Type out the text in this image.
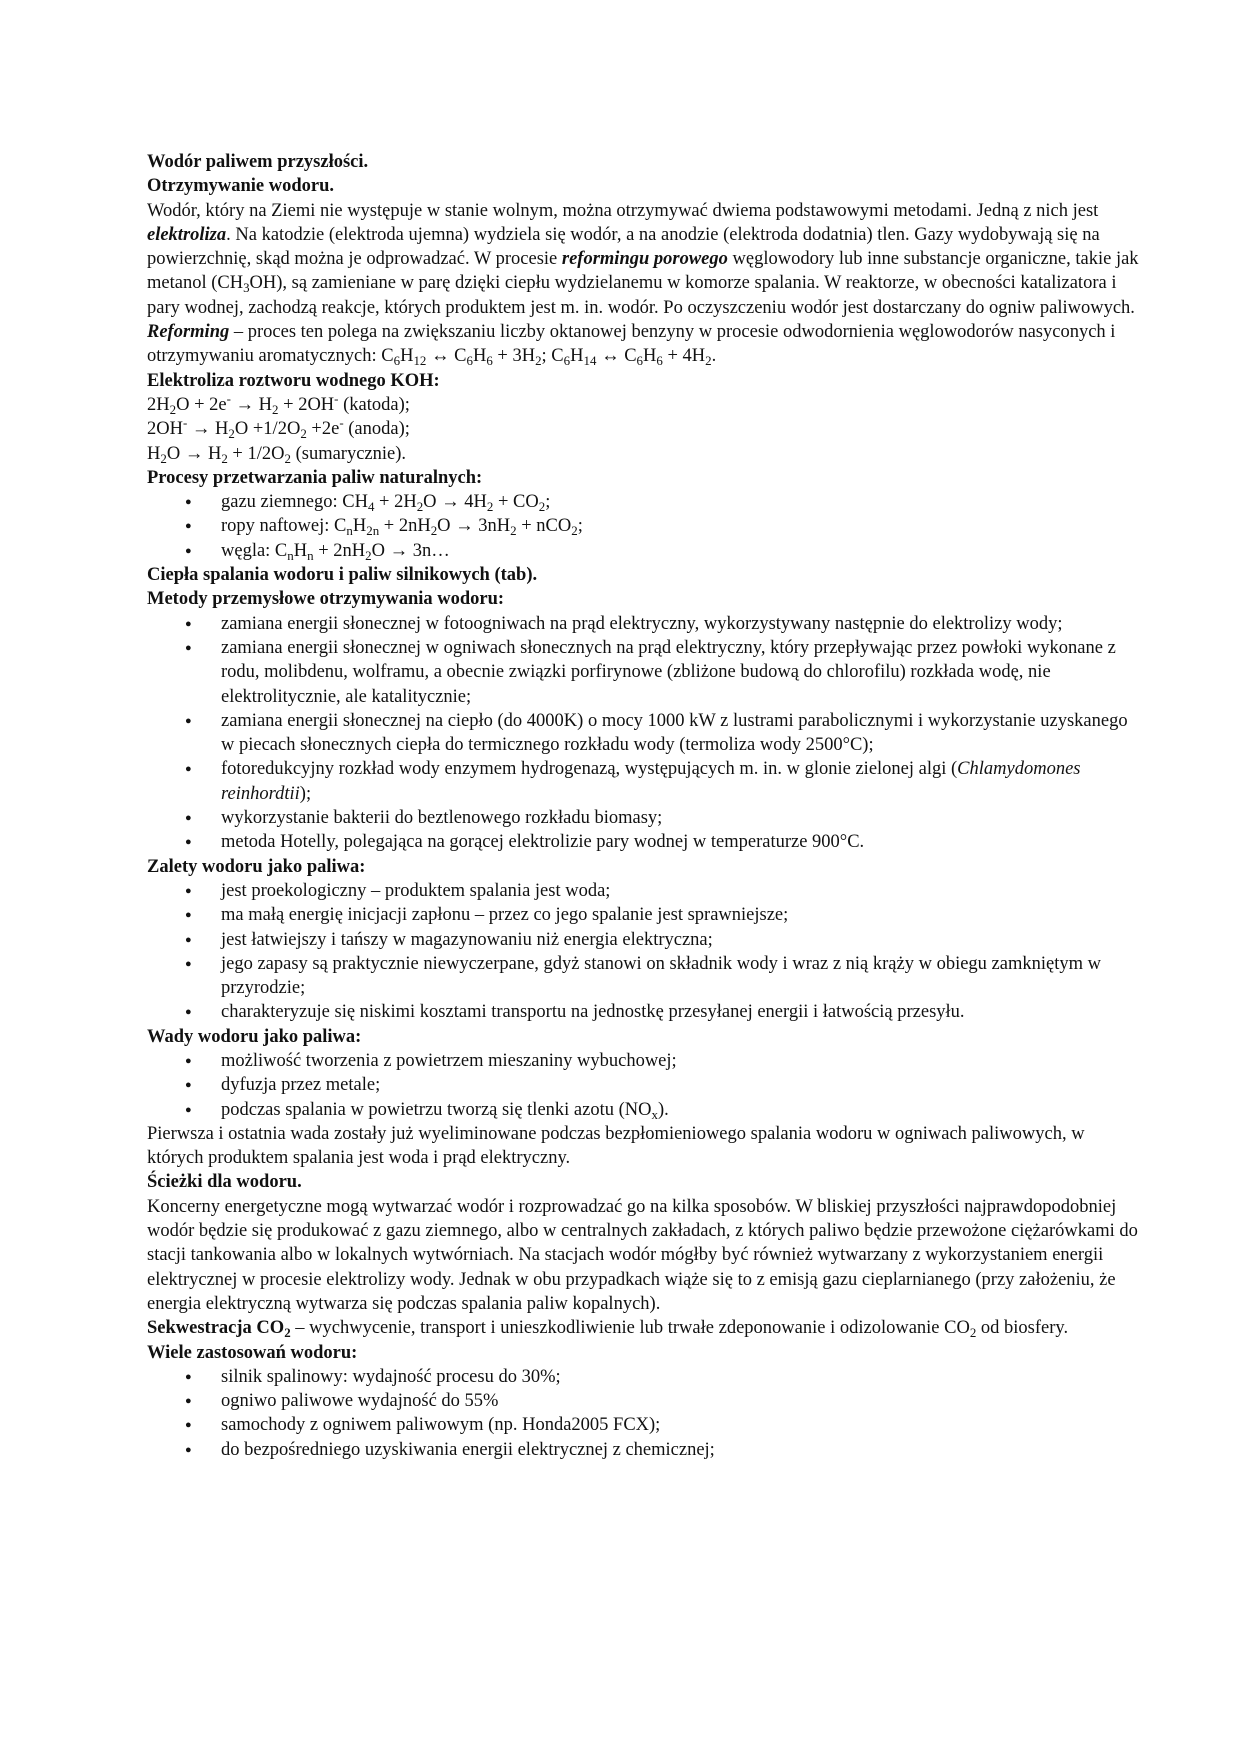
Wodór paliwem przyszłości.

Otrzymywanie wodoru.

Wodór, który na Ziemi nie występuje w stanie wolnym, można otrzymywać dwiema podstawowymi metodami. Jedną z nich jest elektroliza. Na katodzie (elektroda ujemna) wydziela się wodór, a na anodzie (elektroda dodatnia) tlen. Gazy wydobywają się na powierzchnię, skąd można je odprowadzać. W procesie reformingu porowego węglowodory lub inne substancje organiczne, takie jak metanol $(CH_3OH)$, są zamieniane w parę dzięki ciepłu wydzielanemu w komorze spalania. W reaktorze, w obecności katalizatora i pary wodnej, zachodzą reakcje, których produktem jest m. in. wodór. Po oczyszczeniu wodór jest dostarczany do ogniw paliwowych.

Reforming – proces ten polega na zwiększaniu liczby oktanowej benzyny w procesie odwodornienia węglowodorów nasyconych i otrzymywaniu aromatycznych: $C_6H_{12}$ ↔ $C_6H_6 + 3H_2$; $C_6H_{14}$ ↔ $C_6H_6 + 4H_2$.

Elektroliza roztworu wodnego KOH:

$2H_2O + 2e^- \to H_2 + 2OH^-$ (katoda);

$2OH^- \to H_2O +1/2O_2 +2e^-$ (anoda);

$H_2O \to H_2 + 1/2O_2$ (sumarycznie).

Procesy przetwarzania paliw naturalnych:

● gazu ziemnego: $CH_4 + 2H_2O \to 4H_2 + CO_2$;
● ropy naftowej: $C_nH_{2n} + 2nH_2O \to 3nH_2 + nCO_2$;
● węgla: $C_nH_n + 2nH_2O$ → 3n…

Ciepła spalania wodoru i paliw silnikowych (tab).

Metody przemysłowe otrzymywania wodoru:

● zamiana energii słonecznej w fotoogniwach na prąd elektryczny, wykorzystywany następnie do elektrolizy wody;
● zamiana energii słonecznej w ogniwach słonecznych na prąd elektryczny, który przepływając przez powłoki wykonane z rodu, molibdenu, wolframu, a obecnie związki porfirynowe (zbliżone budową do chlorofilu) rozkłada wodę, nie elektrolitycznie, ale katalitycznie;
● zamiana energii słonecznej na ciepło (do 4000K) o mocy 1000 kW z lustrami parabolicznymi i wykorzystanie uzyskanego w piecach słonecznych ciepła do termicznego rozkładu wody (termoliza wody 2500°C);
● fotoredukcyjny rozkład wody enzymem hydrogenazą, występujących m. in. w glonie zielonej algi (Chlamydomones reinhordtii);
● wykorzystanie bakterii do beztlenowego rozkładu biomasy;
● metoda Hotelly, polegająca na gorącej elektrolizie pary wodnej w temperaturze 900°C.

Zalety wodoru jako paliwa:

● jest proekologiczny – produktem spalania jest woda;
● ma małą energię inicjacji zapłonu – przez co jego spalanie jest sprawniejsze;
● jest łatwiejszy i tańszy w magazynowaniu niż energia elektryczna;
● jego zapasy są praktycznie niewyczerpane, gdyż stanowi on składnik wody i wraz z nią krąży w obiegu zamkniętym w przyrodzie;
● charakteryzuje się niskimi kosztami transportu na jednostkę przesyłanej energii i łatwością przesyłu.

Wady wodoru jako paliwa:

● możliwość tworzenia z powietrzem mieszaniny wybuchowej;
● dyfuzja przez metale;
● podczas spalania w powietrzu tworzą się tlenki azotu $(NO_x)$.

Pierwsza i ostatnia wada zostały już wyeliminowane podczas bezpłomieniowego spalania wodoru w ogniwach paliwowych, w których produktem spalania jest woda i prąd elektryczny.

Ścieżki dla wodoru.

Koncerny energetyczne mogą wytwarzać wodór i rozprowadzać go na kilka sposobów. W bliskiej przyszłości najprawdopodobniej wodór będzie się produkować z gazu ziemnego, albo w centralnych zakładach, z których paliwo będzie przewożone ciężarówkami do stacji tankowania albo w lokalnych wytwórniach. Na stacjach wodór mógłby być również wytwarzany z wykorzystaniem energii elektrycznej w procesie elektrolizy wody. Jednak w obu przypadkach wiąże się to z emisją gazu cieplarnianego (przy założeniu, że energia elektryczną wytwarza się podczas spalania paliw kopalnych).

Sekwestracja $CO_2$ – wychwycenie, transport i unieszkodliwienie lub trwałe zdeponowanie i odizolowanie $CO_2$ od biosfery.

Wiele zastosowań wodoru:

● silnik spalinowy: wydajność procesu do 30%;
● ogniwo paliwowe wydajność do 55%
● samochody z ogniwem paliwowym (np. Honda2005 FCX);
● do bezpośredniego uzyskiwania energii elektrycznej z chemicznej;
